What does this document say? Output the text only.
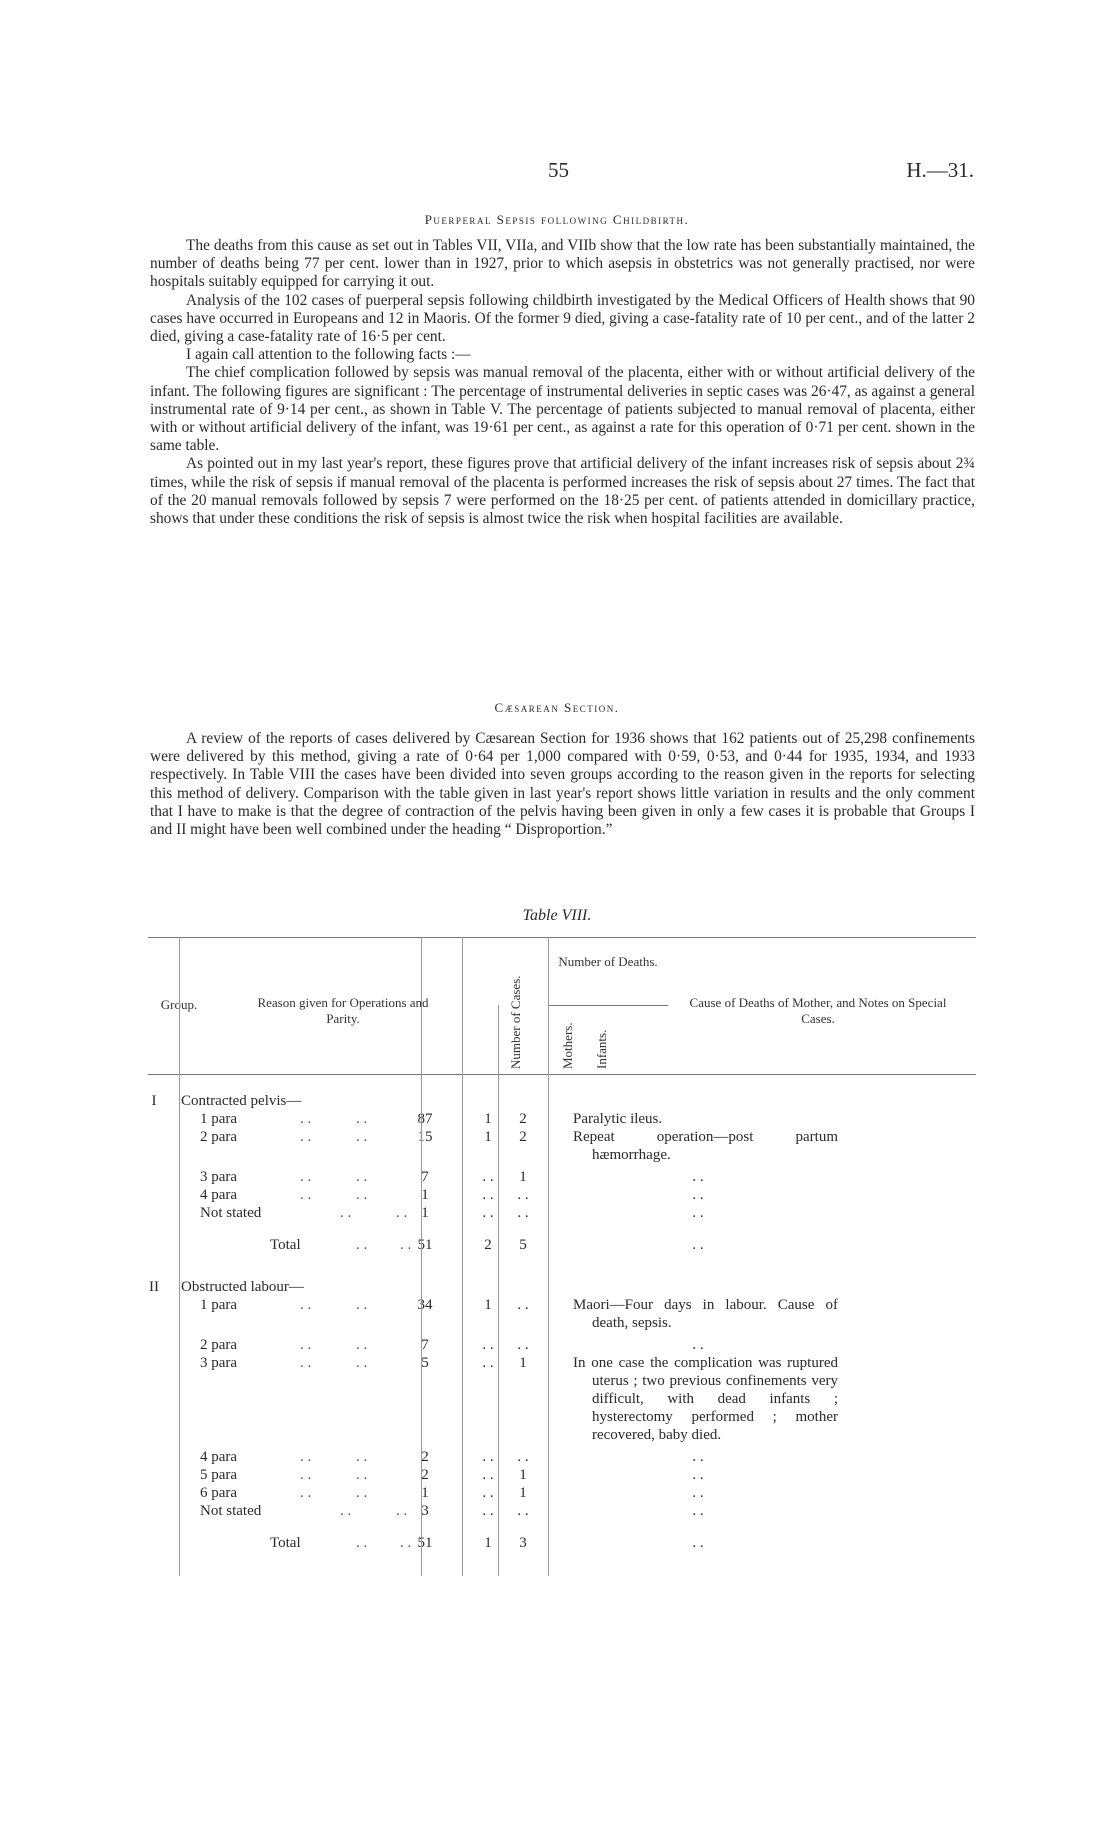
55	H.—31.
Puerperal Sepsis following Childbirth.

The deaths from this cause as set out in Tables VII, VIIa, and VIIb show that the low rate has been substantially maintained, the number of deaths being 77 per cent. lower than in 1927, prior to which asepsis in obstetrics was not generally practised, nor were hospitals suitably equipped for carrying it out.

Analysis of the 102 cases of puerperal sepsis following childbirth investigated by the Medical Officers of Health shows that 90 cases have occurred in Europeans and 12 in Maoris. Of the former 9 died, giving a case-fatality rate of 10 per cent., and of the latter 2 died, giving a case-fatality rate of 16·5 per cent.

I again call attention to the following facts :—

The chief complication followed by sepsis was manual removal of the placenta, either with or without artificial delivery of the infant. The following figures are significant : The percentage of instrumental deliveries in septic cases was 26·47, as against a general instrumental rate of 9·14 per cent., as shown in Table V. The percentage of patients subjected to manual removal of placenta, either with or without artificial delivery of the infant, was 19·61 per cent., as against a rate for this operation of 0·71 per cent. shown in the same table.

As pointed out in my last year's report, these figures prove that artificial delivery of the infant increases risk of sepsis about 2¾ times, while the risk of sepsis if manual removal of the placenta is performed increases the risk of sepsis about 27 times. The fact that of the 20 manual removals followed by sepsis 7 were performed on the 18·25 per cent. of patients attended in domicillary practice, shows that under these conditions the risk of sepsis is almost twice the risk when hospital facilities are available.

Cæsarean Section.

A review of the reports of cases delivered by Cæsarean Section for 1936 shows that 162 patients out of 25,298 confinements were delivered by this method, giving a rate of 0·64 per 1,000 compared with 0·59, 0·53, and 0·44 for 1935, 1934, and 1933 respectively. In Table VIII the cases have been divided into seven groups according to the reason given in the reports for selecting this method of delivery. Comparison with the table given in last year's report shows little variation in results and the only comment that I have to make is that the degree of contraction of the pelvis having been given in only a few cases it is probable that Groups I and II might have been well combined under the heading “ Disproportion.”

Table VIII.
Group.	Reason given for Operations and Parity.	Number of Cases.
Number of Deaths.
Mothers. Infants.
Cause of Deaths of Mother, and Notes on Special Cases.
I Contracted pelvis—
1 para	. .	. .	87	1	2	Paralytic ileus.
2 para	. .	. .	15	1	2	Repeat operation—post partum hæmorrhage.
3 para	. .	. .	7	. .	1	. .
4 para	. .	. .	1	. .	. .	. .
Not stated	. .	. . 1	. .	. .	. .
Total	. . . . 51	2	5	. .
II Obstructed labour—
1 para	. .	. .	34	1	. .	Maori—Four days in labour. Cause of death, sepsis.
2 para	. .	. .	7	. .	. .	. .
3 para	. .	. .	5	. .	1	In one case the complication was ruptured uterus ; two previous confinements very difficult, with dead infants ; hysterectomy performed ; mother recovered, baby died.
4 para	. .	. .	2	. .	. .	. .
5 para	. .	. .	2	. .	1	. .
6 para	. .	. .	1	. .	1	. .
Not stated	. .	. . 3	. .	. .	. .
Total	. . . . 51	1	3	. .
